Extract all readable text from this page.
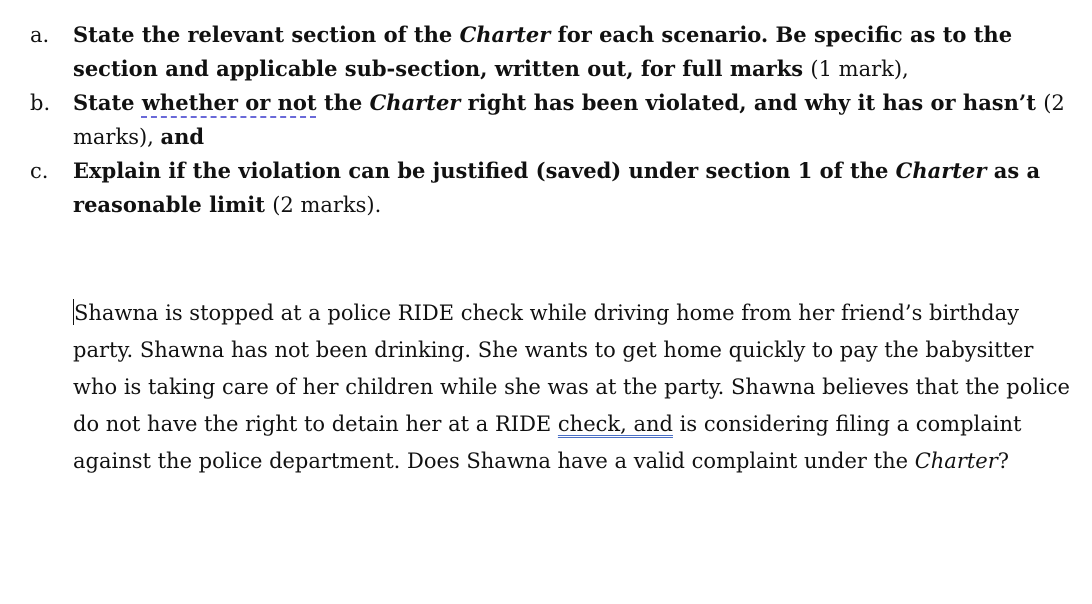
a.	State the relevant section of the Charter for each scenario. Be specific as to the section and applicable sub-section, written out, for full marks (1 mark),
b.	State whether or not the Charter right has been violated, and why it has or hasn’t (2 marks), and
c.	Explain if the violation can be justified (saved) under section 1 of the Charter as a reasonable limit (2 marks).
Shawna is stopped at a police RIDE check while driving home from her friend’s birthday party. Shawna has not been drinking. She wants to get home quickly to pay the babysitter who is taking care of her children while she was at the party. Shawna believes that the police do not have the right to detain her at a RIDE check, and is considering filing a complaint against the police department. Does Shawna have a valid complaint under the Charter?
